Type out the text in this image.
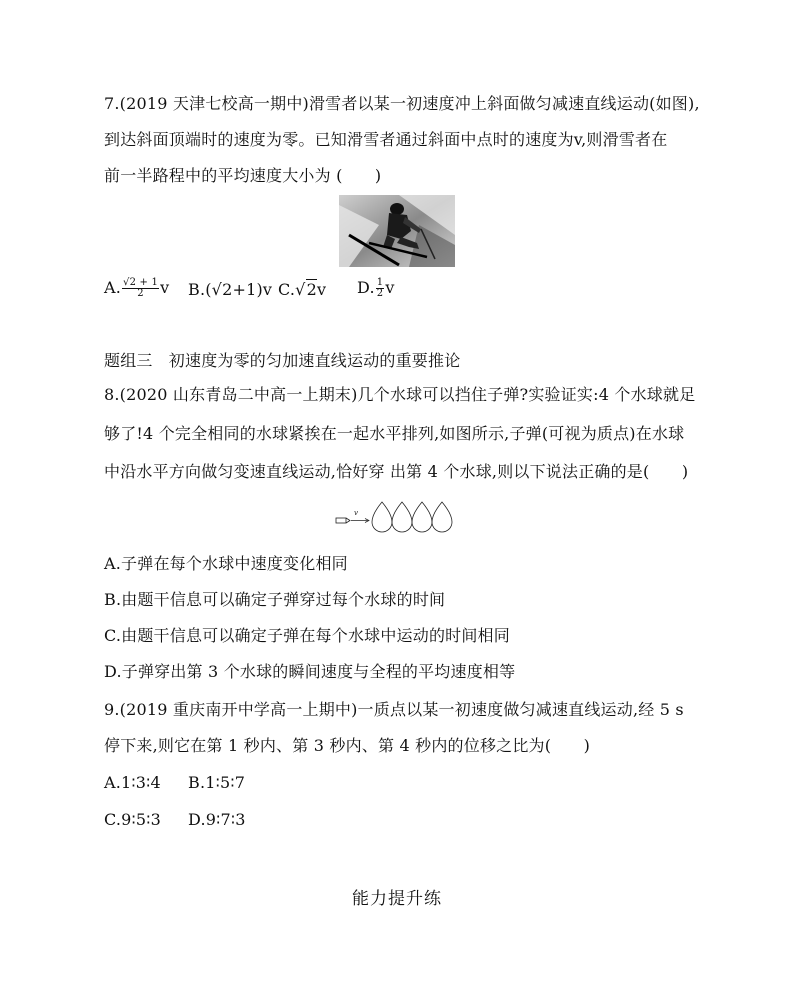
7.(2019 天津七校高一期中)滑雪者以某一初速度冲上斜面做匀减速直线运动(如图),
到达斜面顶端时的速度为零。已知滑雪者通过斜面中点时的速度为v,则滑雪者在
前一半路程中的平均速度大小为 (　　)
A. $\frac{√2 + 1}{2}$ v B.(√2+1)v C.√2v D. $\frac{1}{2}$ v
题组三　初速度为零的匀加速直线运动的重要推论
8.(2020 山东青岛二中高一上期末)几个水球可以挡住子弹?实验证实:4 个水球就足
够了!4 个完全相同的水球紧挨在一起水平排列,如图所示,子弹(可视为质点)在水球
中沿水平方向做匀变速直线运动,恰好穿 出第 4 个水球,则以下说法正确的是(　　)
v
A.子弹在每个水球中速度变化相同
B.由题干信息可以确定子弹穿过每个水球的时间
C.由题干信息可以确定子弹在每个水球中运动的时间相同
D.子弹穿出第 3 个水球的瞬间速度与全程的平均速度相等
9.(2019 重庆南开中学高一上期中)一质点以某一初速度做匀减速直线运动,经 5 s
停下来,则它在第 1 秒内、第 3 秒内、第 4 秒内的位移之比为(　　)
A.1∶3∶4 B.1∶5∶7
C.9∶5∶3 D.9∶7∶3
能力提升练
